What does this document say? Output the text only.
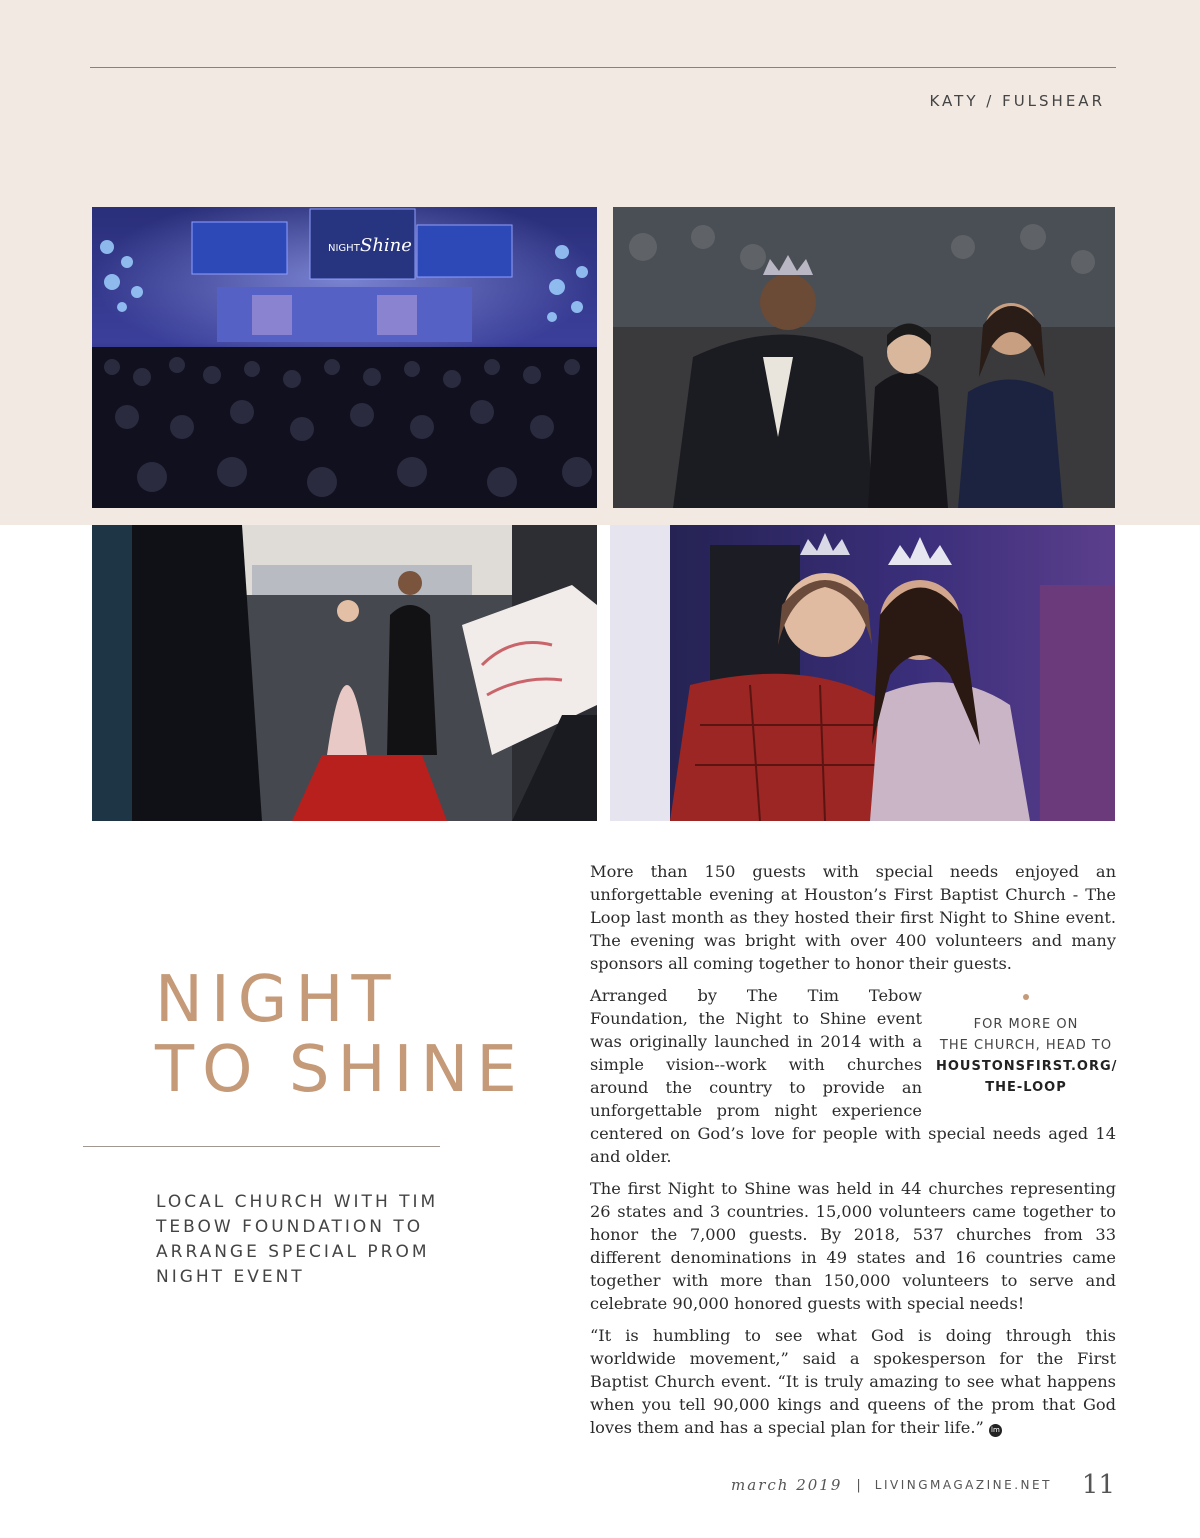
KATY / FULSHEAR
NIGHT Shine
NIGHT
TO SHINE
LOCAL CHURCH WITH TIM TEBOW FOUNDATION TO ARRANGE SPECIAL PROM NIGHT EVENT

More than 150 guests with special needs enjoyed an unforgettable evening at Houston’s First Baptist Church - The Loop last month as they hosted their first Night to Shine event. The evening was bright with over 400 volunteers and many sponsors all coming together to honor their guests.

FOR MORE ON
THE CHURCH, HEAD TO
HOUSTONSFIRST.ORG/
THE-LOOP
Arranged by The Tim Tebow Foundation, the Night to Shine event was originally launched in 2014 with a simple vision--work with churches around the country to provide an unforgettable prom night experience centered on God’s love for people with special needs aged 14 and older.

The first Night to Shine was held in 44 churches representing 26 states and 3 countries. 15,000 volunteers came together to honor the 7,000 guests. By 2018, 537 churches from 33 different denominations in 49 states and 16 countries came together with more than 150,000 volunteers to serve and celebrate 90,000 honored guests with special needs!

“It is humbling to see what God is doing through this worldwide movement,” said a spokesperson for the First Baptist Church event. “It is truly amazing to see what happens when you tell 90,000 kings and queens of the prom that God loves them and has a special plan for their life.” lm

march 2019 | LIVINGMAGAZINE.NET 11
